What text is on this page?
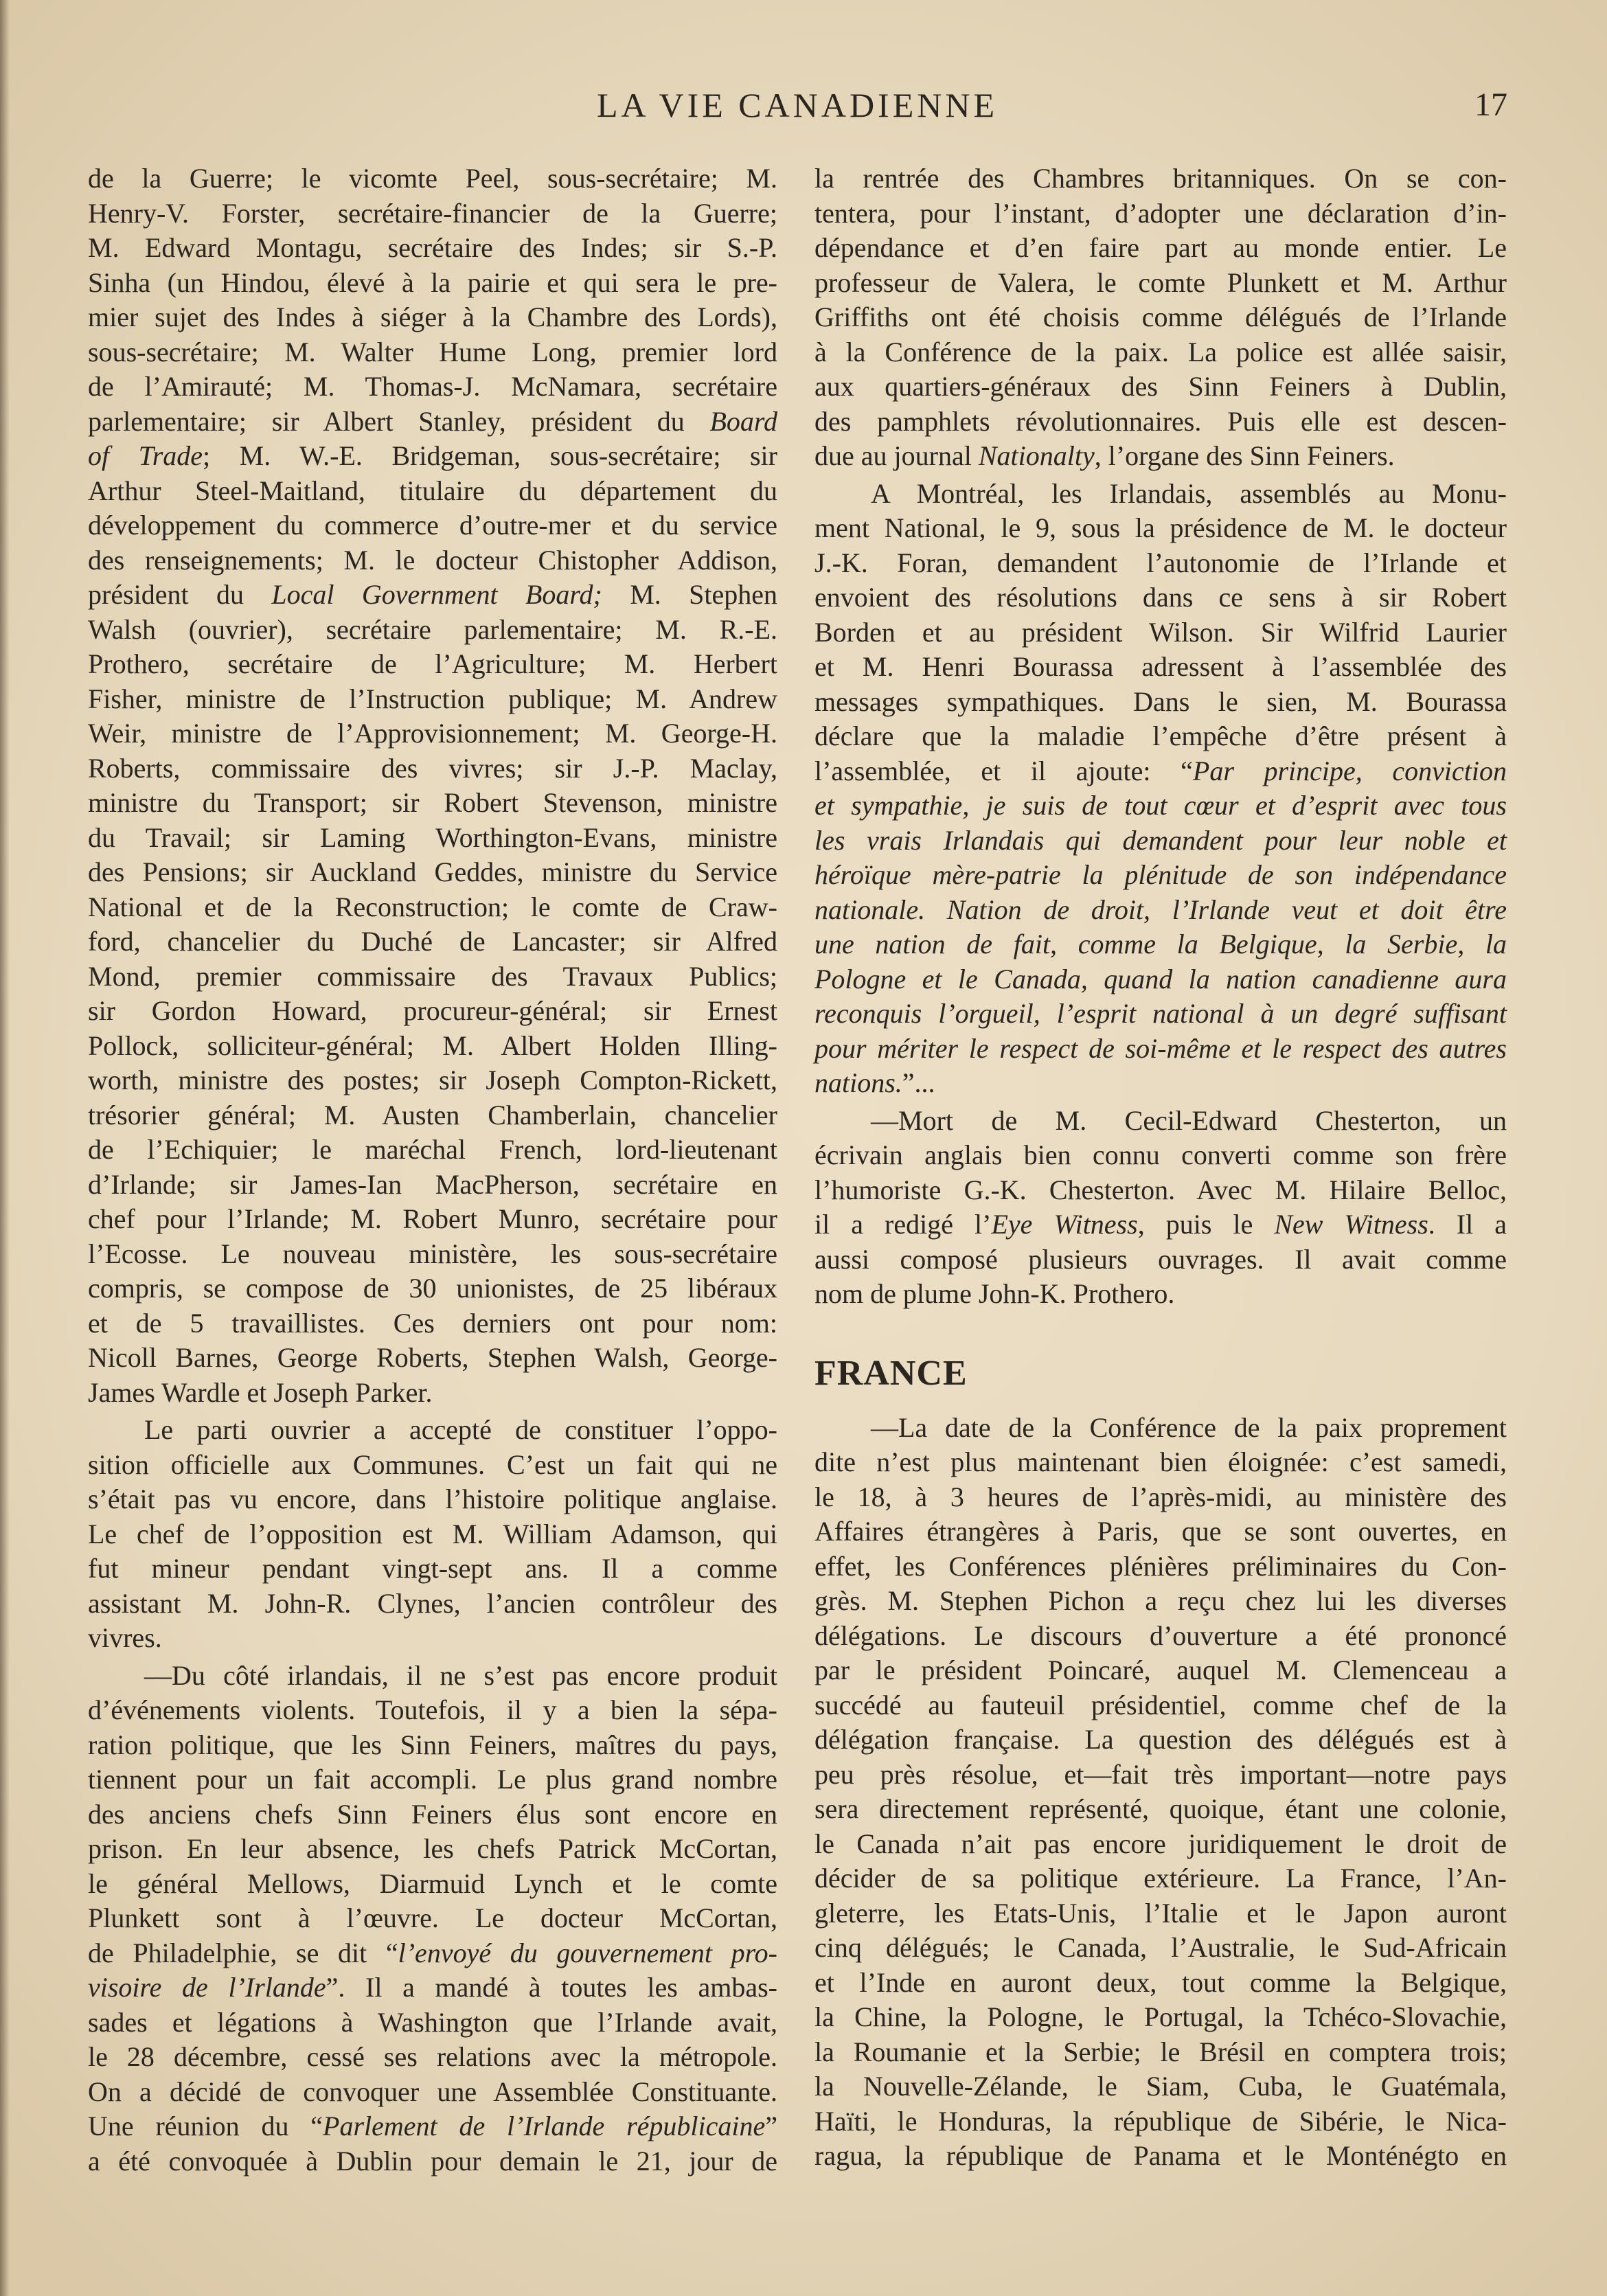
LA VIE CANADIENNE	17
de la Guerre; le vicomte Peel, sous-secrétaire; M.
Henry-V. Forster, secrétaire-financier de la Guerre;
M. Edward Montagu, secrétaire des Indes; sir S.-P.
Sinha (un Hindou, élevé à la pairie et qui sera le pre-
mier sujet des Indes à siéger à la Chambre des Lords),
sous-secrétaire; M. Walter Hume Long, premier lord
de l’Amirauté; M. Thomas-J. McNamara, secrétaire
parlementaire; sir Albert Stanley, président du Board
of Trade; M. W.-E. Bridgeman, sous-secrétaire; sir
Arthur Steel-Maitland, titulaire du département du
développement du commerce d’outre-mer et du service
des renseignements; M. le docteur Chistopher Addison,
président du Local Government Board; M. Stephen
Walsh (ouvrier), secrétaire parlementaire; M. R.-E.
Prothero, secrétaire de l’Agriculture; M. Herbert
Fisher, ministre de l’Instruction publique; M. Andrew
Weir, ministre de l’Approvisionnement; M. George-H.
Roberts, commissaire des vivres; sir J.-P. Maclay,
ministre du Transport; sir Robert Stevenson, ministre
du Travail; sir Laming Worthington-Evans, ministre
des Pensions; sir Auckland Geddes, ministre du Service
National et de la Reconstruction; le comte de Craw-
ford, chancelier du Duché de Lancaster; sir Alfred
Mond, premier commissaire des Travaux Publics;
sir Gordon Howard, procureur-général; sir Ernest
Pollock, solliciteur-général; M. Albert Holden Illing-
worth, ministre des postes; sir Joseph Compton-Rickett,
trésorier général; M. Austen Chamberlain, chancelier
de l’Echiquier; le maréchal French, lord-lieutenant
d’Irlande; sir James-Ian MacPherson, secrétaire en
chef pour l’Irlande; M. Robert Munro, secrétaire pour
l’Ecosse. Le nouveau ministère, les sous-secrétaire
compris, se compose de 30 unionistes, de 25 libéraux
et de 5 travaillistes. Ces derniers ont pour nom:
Nicoll Barnes, George Roberts, Stephen Walsh, George-
James Wardle et Joseph Parker.
Le parti ouvrier a accepté de constituer l’oppo-
sition officielle aux Communes. C’est un fait qui ne
s’était pas vu encore, dans l’histoire politique anglaise.
Le chef de l’opposition est M. William Adamson, qui
fut mineur pendant vingt-sept ans. Il a comme
assistant M. John-R. Clynes, l’ancien contrôleur des
vivres.
—Du côté irlandais, il ne s’est pas encore produit
d’événements violents. Toutefois, il y a bien la sépa-
ration politique, que les Sinn Feiners, maîtres du pays,
tiennent pour un fait accompli. Le plus grand nombre
des anciens chefs Sinn Feiners élus sont encore en
prison. En leur absence, les chefs Patrick McCortan,
le général Mellows, Diarmuid Lynch et le comte
Plunkett sont à l’œuvre. Le docteur McCortan,
de Philadelphie, se dit “l’envoyé du gouvernement pro-
visoire de l’Irlande”. Il a mandé à toutes les ambas-
sades et légations à Washington que l’Irlande avait,
le 28 décembre, cessé ses relations avec la métropole.
On a décidé de convoquer une Assemblée Constituante.
Une réunion du “Parlement de l’Irlande républicaine”
a été convoquée à Dublin pour demain le 21, jour de
la rentrée des Chambres britanniques. On se con-
tentera, pour l’instant, d’adopter une déclaration d’in-
dépendance et d’en faire part au monde entier. Le
professeur de Valera, le comte Plunkett et M. Arthur
Griffiths ont été choisis comme délégués de l’Irlande
à la Conférence de la paix. La police est allée saisir,
aux quartiers-généraux des Sinn Feiners à Dublin,
des pamphlets révolutionnaires. Puis elle est descen-
due au journal Nationalty, l’organe des Sinn Feiners.
A Montréal, les Irlandais, assemblés au Monu-
ment National, le 9, sous la présidence de M. le docteur
J.-K. Foran, demandent l’autonomie de l’Irlande et
envoient des résolutions dans ce sens à sir Robert
Borden et au président Wilson. Sir Wilfrid Laurier
et M. Henri Bourassa adressent à l’assemblée des
messages sympathiques. Dans le sien, M. Bourassa
déclare que la maladie l’empêche d’être présent à
l’assemblée, et il ajoute: “Par principe, conviction
et sympathie, je suis de tout cœur et d’esprit avec tous
les vrais Irlandais qui demandent pour leur noble et
héroïque mère-patrie la plénitude de son indépendance
nationale. Nation de droit, l’Irlande veut et doit être
une nation de fait, comme la Belgique, la Serbie, la
Pologne et le Canada, quand la nation canadienne aura
reconquis l’orgueil, l’esprit national à un degré suffisant
pour mériter le respect de soi-même et le respect des autres
nations.”...
—Mort de M. Cecil-Edward Chesterton, un
écrivain anglais bien connu converti comme son frère
l’humoriste G.-K. Chesterton. Avec M. Hilaire Belloc,
il a redigé l’Eye Witness, puis le New Witness. Il a
aussi composé plusieurs ouvrages. Il avait comme
nom de plume John-K. Prothero.
FRANCE
—La date de la Conférence de la paix proprement
dite n’est plus maintenant bien éloignée: c’est samedi,
le 18, à 3 heures de l’après-midi, au ministère des
Affaires étrangères à Paris, que se sont ouvertes, en
effet, les Conférences plénières préliminaires du Con-
grès. M. Stephen Pichon a reçu chez lui les diverses
délégations. Le discours d’ouverture a été prononcé
par le président Poincaré, auquel M. Clemenceau a
succédé au fauteuil présidentiel, comme chef de la
délégation française. La question des délégués est à
peu près résolue, et—fait très important—notre pays
sera directement représenté, quoique, étant une colonie,
le Canada n’ait pas encore juridiquement le droit de
décider de sa politique extérieure. La France, l’An-
gleterre, les Etats-Unis, l’Italie et le Japon auront
cinq délégués; le Canada, l’Australie, le Sud-Africain
et l’Inde en auront deux, tout comme la Belgique,
la Chine, la Pologne, le Portugal, la Tchéco-Slovachie,
la Roumanie et la Serbie; le Brésil en comptera trois;
la Nouvelle-Zélande, le Siam, Cuba, le Guatémala,
Haïti, le Honduras, la république de Sibérie, le Nica-
ragua, la république de Panama et le Monténégto en
